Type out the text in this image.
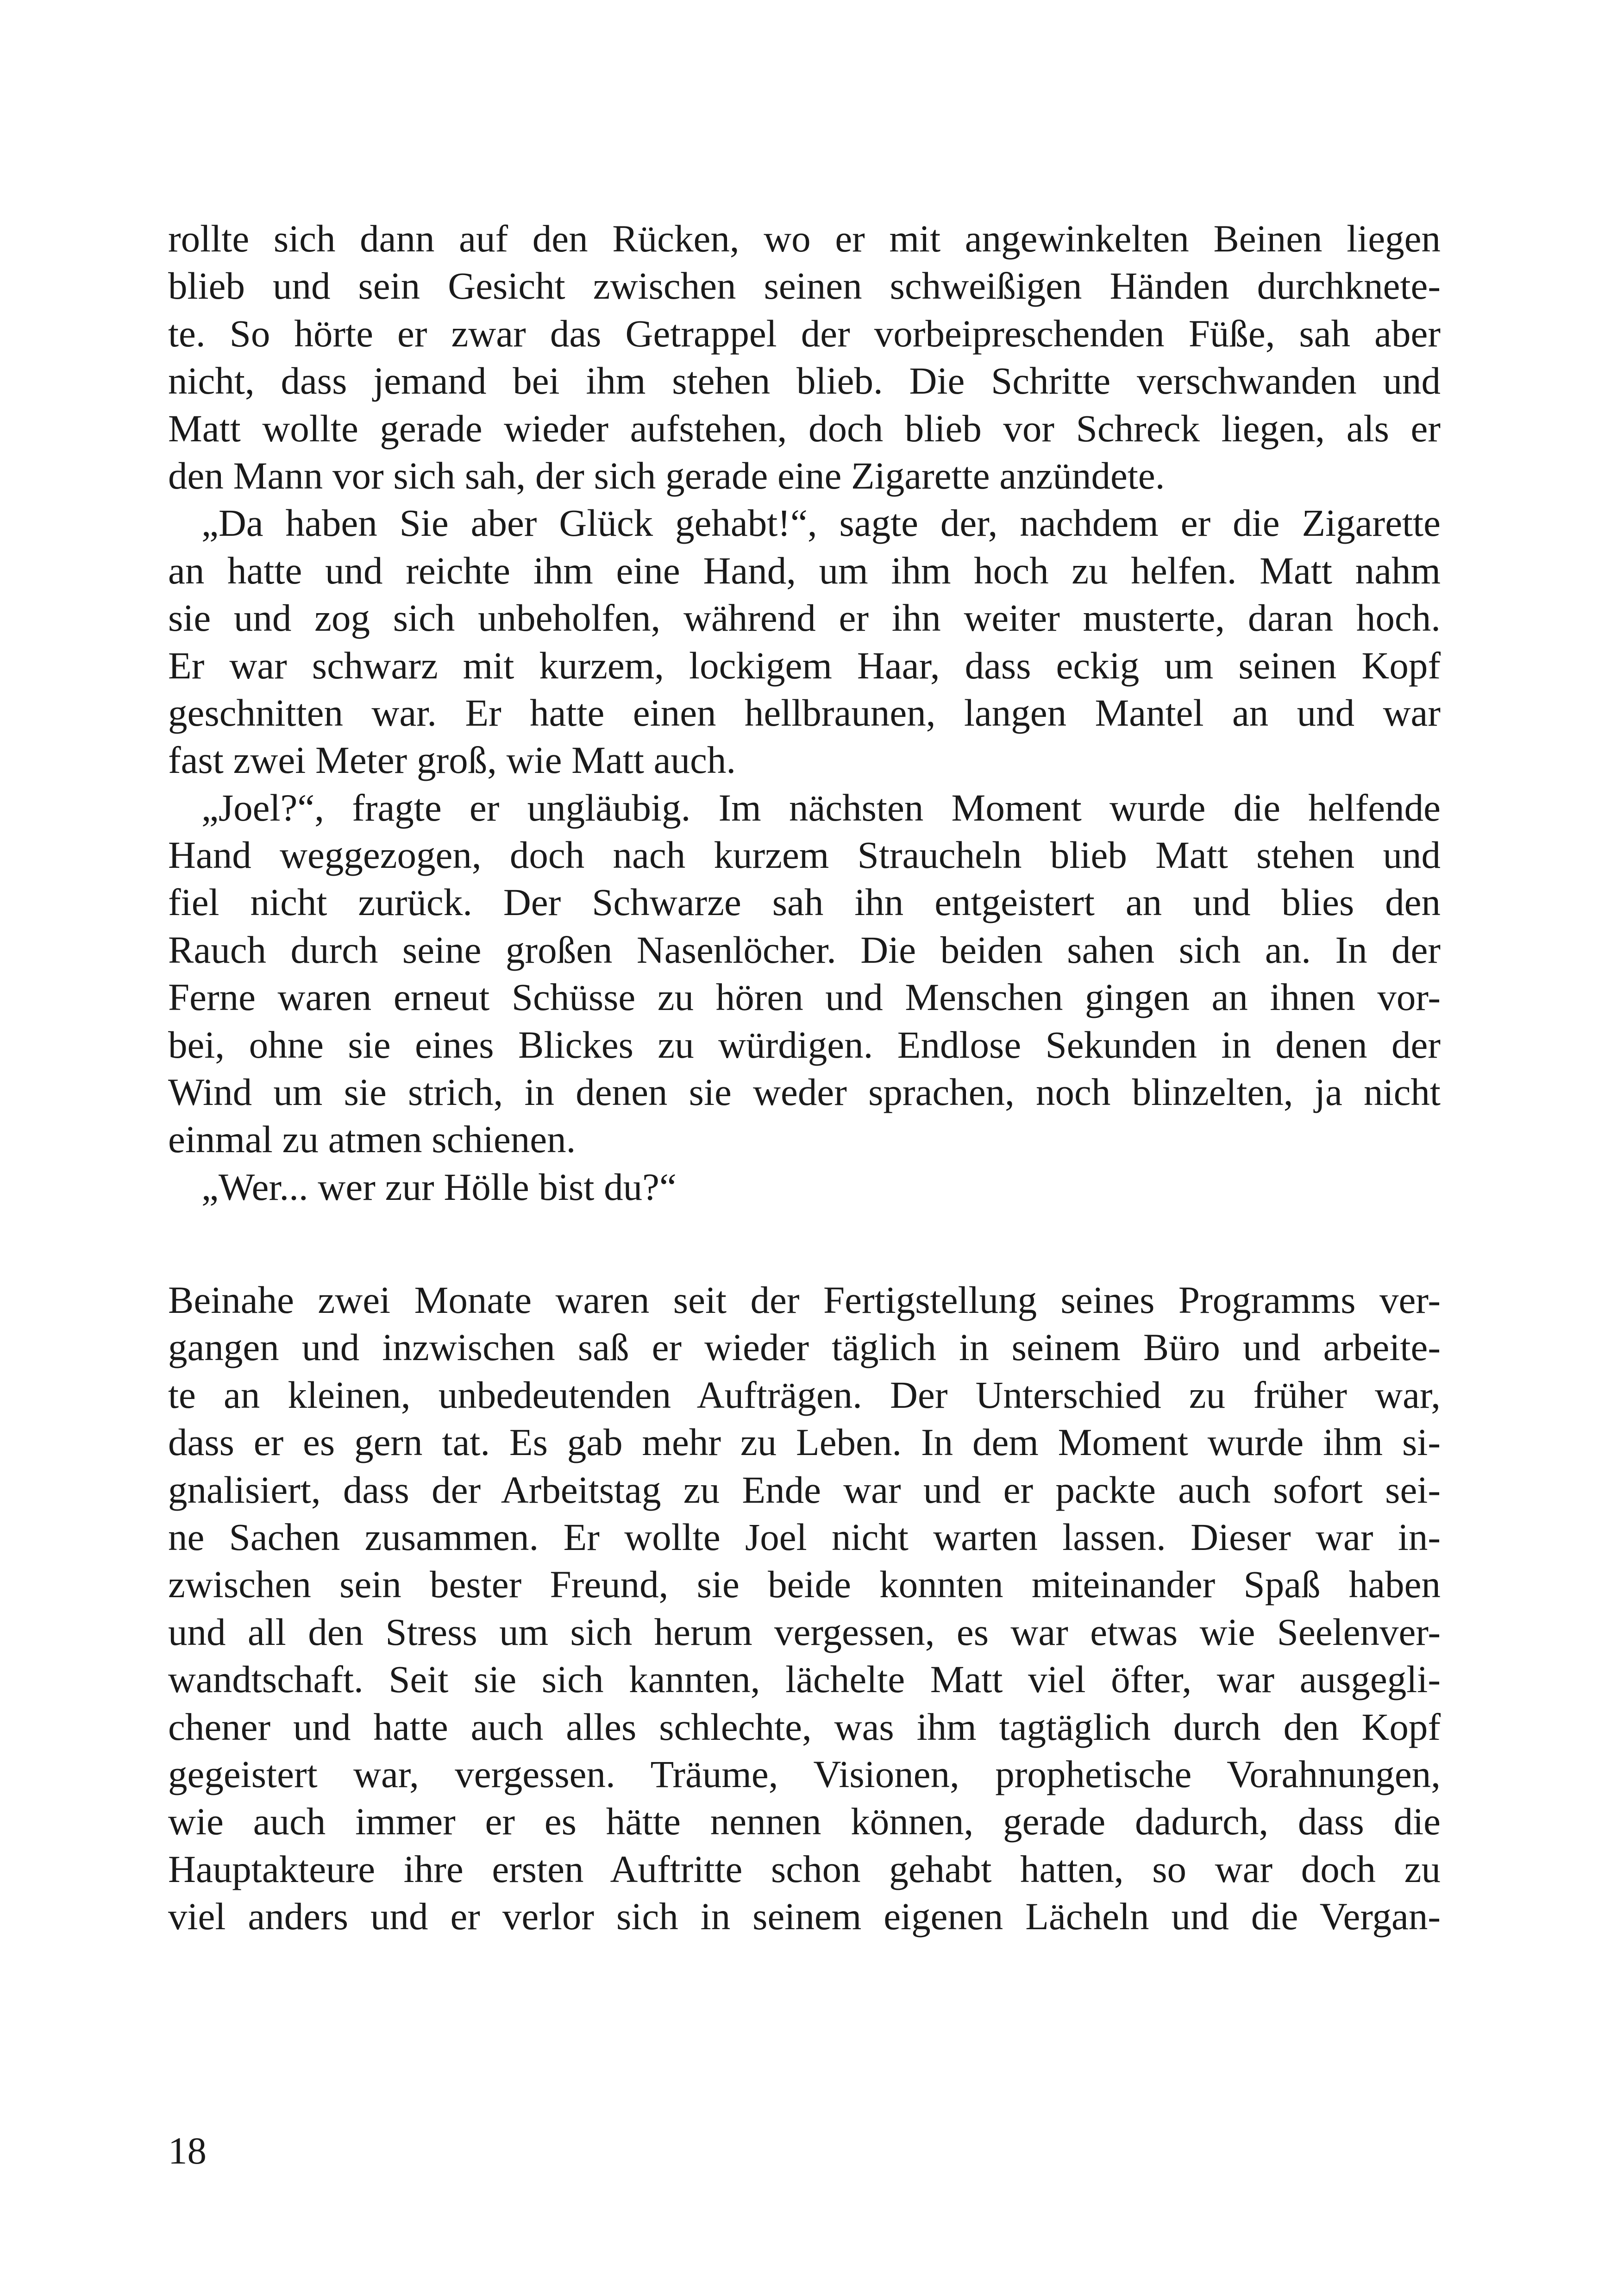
rollte sich dann auf den Rücken, wo er mit angewinkelten Beinen liegen
blieb und sein Gesicht zwischen seinen schweißigen Händen durchknete-
te. So hörte er zwar das Getrappel der vorbeipreschenden Füße, sah aber
nicht, dass jemand bei ihm stehen blieb. Die Schritte verschwanden und
Matt wollte gerade wieder aufstehen, doch blieb vor Schreck liegen, als er
den Mann vor sich sah, der sich gerade eine Zigarette anzündete.
„Da haben Sie aber Glück gehabt!“, sagte der, nachdem er die Zigarette
an hatte und reichte ihm eine Hand, um ihm hoch zu helfen. Matt nahm
sie und zog sich unbeholfen, während er ihn weiter musterte, daran hoch.
Er war schwarz mit kurzem, lockigem Haar, dass eckig um seinen Kopf
geschnitten war. Er hatte einen hellbraunen, langen Mantel an und war
fast zwei Meter groß, wie Matt auch.
„Joel?“, fragte er ungläubig. Im nächsten Moment wurde die helfende
Hand weggezogen, doch nach kurzem Straucheln blieb Matt stehen und
fiel nicht zurück. Der Schwarze sah ihn entgeistert an und blies den
Rauch durch seine großen Nasenlöcher. Die beiden sahen sich an. In der
Ferne waren erneut Schüsse zu hören und Menschen gingen an ihnen vor-
bei, ohne sie eines Blickes zu würdigen. Endlose Sekunden in denen der
Wind um sie strich, in denen sie weder sprachen, noch blinzelten, ja nicht
einmal zu atmen schienen.
„Wer... wer zur Hölle bist du?“
Beinahe zwei Monate waren seit der Fertigstellung seines Programms ver-
gangen und inzwischen saß er wieder täglich in seinem Büro und arbeite-
te an kleinen, unbedeutenden Aufträgen. Der Unterschied zu früher war,
dass er es gern tat. Es gab mehr zu Leben. In dem Moment wurde ihm si-
gnalisiert, dass der Arbeitstag zu Ende war und er packte auch sofort sei-
ne Sachen zusammen. Er wollte Joel nicht warten lassen. Dieser war in-
zwischen sein bester Freund, sie beide konnten miteinander Spaß haben
und all den Stress um sich herum vergessen, es war etwas wie Seelenver-
wandtschaft. Seit sie sich kannten, lächelte Matt viel öfter, war ausgegli-
chener und hatte auch alles schlechte, was ihm tagtäglich durch den Kopf
gegeistert war, vergessen. Träume, Visionen, prophetische Vorahnungen,
wie auch immer er es hätte nennen können, gerade dadurch, dass die
Hauptakteure ihre ersten Auftritte schon gehabt hatten, so war doch zu
viel anders und er verlor sich in seinem eigenen Lächeln und die Vergan-
18
